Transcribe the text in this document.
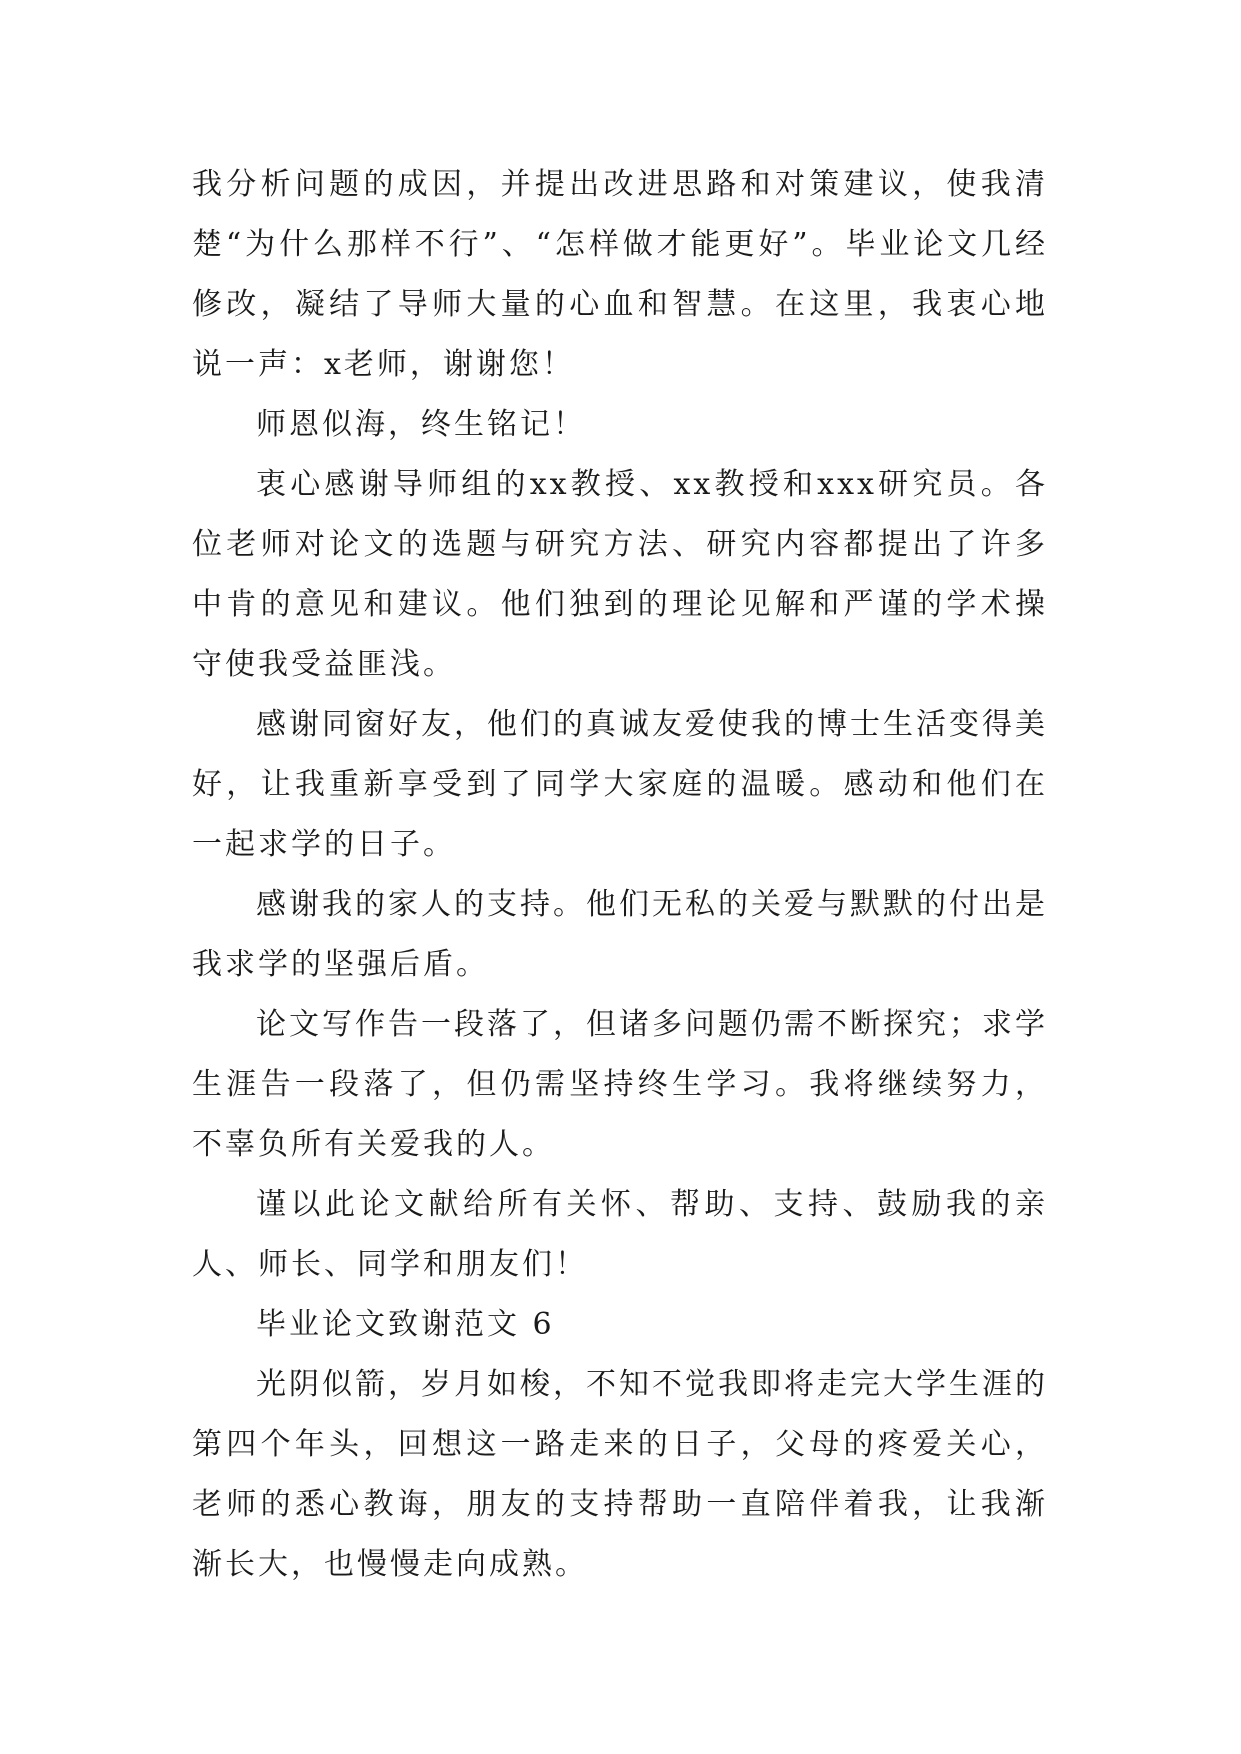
我分析问题的成因，并提出改进思路和对策建议，使我清楚“为什么那样不行”、“怎样做才能更好”。毕业论文几经修改，凝结了导师大量的心血和智慧。在这里，我衷心地说一声：x老师，谢谢您！

师恩似海，终生铭记！

衷心感谢导师组的xx教授、xx教授和xxx研究员。各位老师对论文的选题与研究方法、研究内容都提出了许多中肯的意见和建议。他们独到的理论见解和严谨的学术操守使我受益匪浅。

感谢同窗好友，他们的真诚友爱使我的博士生活变得美好，让我重新享受到了同学大家庭的温暖。感动和他们在一起求学的日子。

感谢我的家人的支持。他们无私的关爱与默默的付出是我求学的坚强后盾。

论文写作告一段落了，但诸多问题仍需不断探究；求学生涯告一段落了，但仍需坚持终生学习。我将继续努力，不辜负所有关爱我的人。

谨以此论文献给所有关怀、帮助、支持、鼓励我的亲人、师长、同学和朋友们！

毕业论文致谢范文 6

光阴似箭，岁月如梭，不知不觉我即将走完大学生涯的第四个年头，回想这一路走来的日子，父母的疼爱关心，老师的悉心教诲，朋友的支持帮助一直陪伴着我，让我渐渐长大，也慢慢走向成熟。
